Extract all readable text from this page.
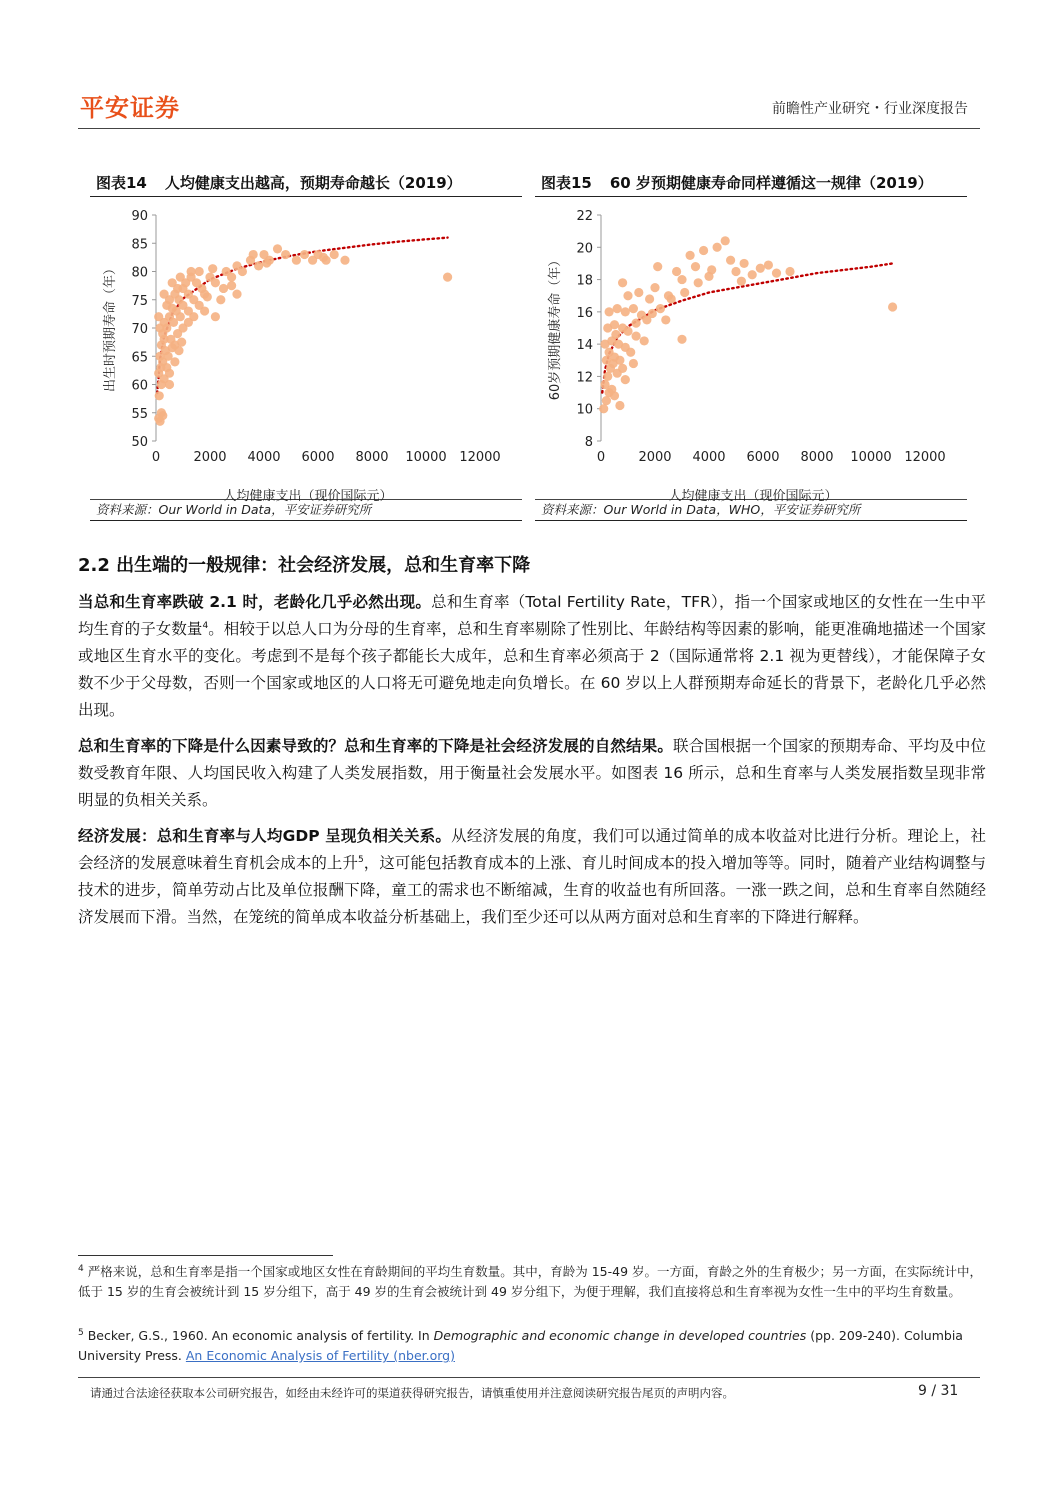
平安证券	前瞻性产业研究・行业深度报告
图表14 人均健康支出越高，预期寿命越长（2019）
出生时预期寿命（年）
50
55
60
65
70
75
80
85
90
0	2000 4000 6000 8000 10000 12000
人均健康支出（现价国际元）
资料来源：Our World in Data，平安证券研究所
图表15 60 岁预期健康寿命同样遵循这一规律（2019）
60岁预期健康寿命（年）
8
10
12
14
16
18
20
22
0	2000 4000 6000 8000 10000 12000
人均健康支出（现价国际元）
资料来源：Our World in Data，WHO，平安证券研究所
2.2 出生端的一般规律：社会经济发展，总和生育率下降
当总和生育率跌破 2.1 时，老龄化几乎必然出现。总和生育率（Total Fertility Rate，TFR），指一个国家或地区的女性在一生中平均生育的子女数量$^4$。相较于以总人口为分母的生育率，总和生育率剔除了性别比、年龄结构等因素的影响，能更准确地描述一个国家或地区生育水平的变化。考虑到不是每个孩子都能长大成年，总和生育率必须高于 2（国际通常将 2.1 视为更替线），才能保障子女数不少于父母数，否则一个国家或地区的人口将无可避免地走向负增长。在 60 岁以上人群预期寿命延长的背景下，老龄化几乎必然出现。
总和生育率的下降是什么因素导致的？总和生育率的下降是社会经济发展的自然结果。联合国根据一个国家的预期寿命、平均及中位数受教育年限、人均国民收入构建了人类发展指数，用于衡量社会发展水平。如图表 16 所示，总和生育率与人类发展指数呈现非常明显的负相关关系。
经济发展：总和生育率与人均GDP 呈现负相关关系。从经济发展的角度，我们可以通过简单的成本收益对比进行分析。理论上，社会经济的发展意味着生育机会成本的上升$^5$，这可能包括教育成本的上涨、育儿时间成本的投入增加等等。同时，随着产业结构调整与技术的进步，简单劳动占比及单位报酬下降，童工的需求也不断缩减，生育的收益也有所回落。一涨一跌之间，总和生育率自然随经济发展而下滑。当然，在笼统的简单成本收益分析基础上，我们至少还可以从两方面对总和生育率的下降进行解释。
$^4$ 严格来说，总和生育率是指一个国家或地区女性在育龄期间的平均生育数量。其中，育龄为 15-49 岁。一方面，育龄之外的生育极少；另一方面，在实际统计中，低于 15 岁的生育会被统计到 15 岁分组下，高于 49 岁的生育会被统计到 49 岁分组下，为便于理解，我们直接将总和生育率视为女性一生中的平均生育数量。
$^5$ Becker, G.S., 1960. An economic analysis of fertility. In Demographic and economic change in developed countries (pp. 209-240). Columbia University Press. An Economic Analysis of Fertility (nber.org)
请通过合法途径获取本公司研究报告，如经由未经许可的渠道获得研究报告，请慎重使用并注意阅读研究报告尾页的声明内容。	9 / 31
